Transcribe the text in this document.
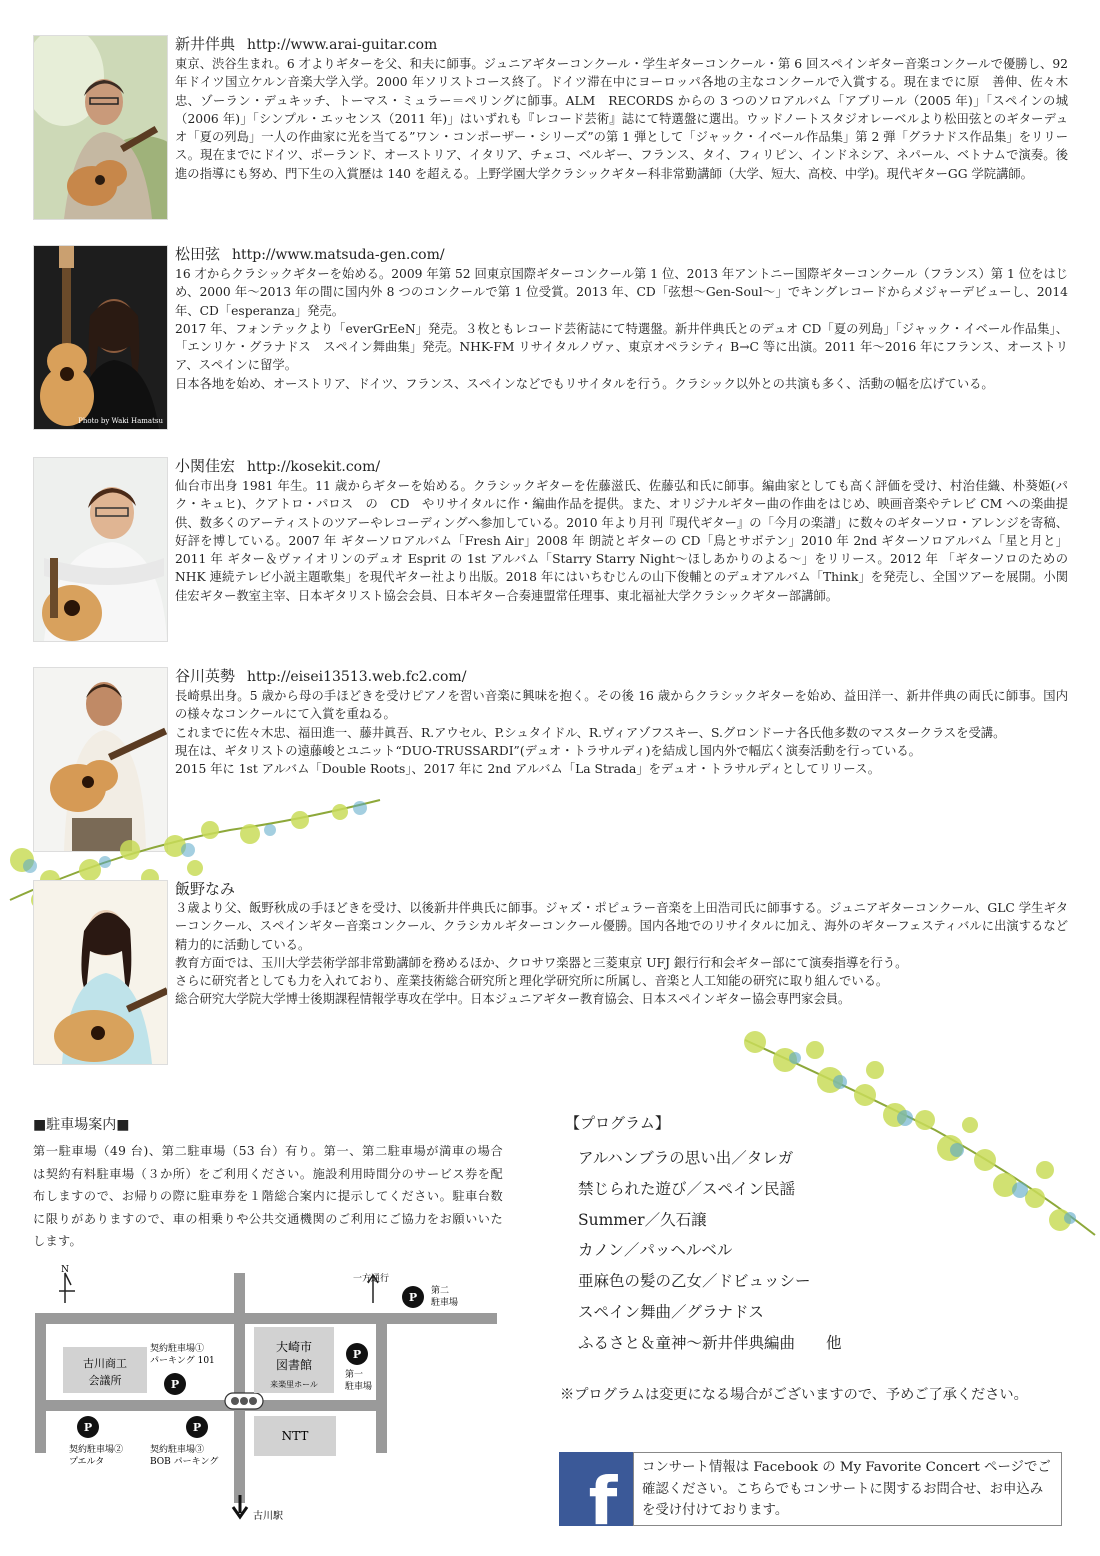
新井伴典 http://www.arai-guitar.com

東京、渋谷生まれ。6 才よりギターを父、和夫に師事。ジュニアギターコンクール・学生ギターコンクール・第 6 回スペインギター音楽コンクールで優勝し、92 年ドイツ国立ケルン音楽大学入学。2000 年ソリストコース終了。ドイツ滞在中にヨーロッパ各地の主なコンクールで入賞する。現在までに原　善伸、佐々木 忠、ゾーラン・デュキッチ、トーマス・ミュラー＝ペリングに師事。ALM　RECORDS からの 3 つのソロアルバム「アブリール（2005 年)」「スペインの城（2006 年)」「シンプル・エッセンス（2011 年)」はいずれも『レコード芸術』誌にて特選盤に選出。ウッドノートスタジオレーベルより松田弦とのギターデュオ「夏の列島」一人の作曲家に光を当てる”ワン・コンポーザー・シリーズ”の第 1 弾として「ジャック・イベール作品集」第 2 弾「グラナドス作品集」をリリース。現在までにドイツ、ポーランド、オーストリア、イタリア、チェコ、ベルギー、フランス、タイ、フィリピン、インドネシア、ネパール、ベトナムで演奏。後進の指導にも努め、門下生の入賞歴は 140 を超える。上野学園大学クラシックギター科非常勤講師（大学、短大、高校、中学)。現代ギターGG 学院講師。

Photo by Waki Hamatsu
松田弦 http://www.matsuda-gen.com/

16 才からクラシックギターを始める。2009 年第 52 回東京国際ギターコンクール第 1 位、2013 年アントニー国際ギターコンクール（フランス）第 1 位をはじめ、2000 年〜2013 年の間に国内外 8 つのコンクールで第 1 位受賞。2013 年、CD「弦想〜Gen-Soul〜」でキングレコードからメジャーデビューし、2014 年、CD「esperanza」発売。

2017 年、フォンテックより「everGrEeN」発売。３枚ともレコード芸術誌にて特選盤。新井伴典氏とのデュオ CD「夏の列島」「ジャック・イベール作品集」、「エンリケ・グラナドス　スペイン舞曲集」発売。NHK-FM リサイタルノヴァ、東京オペラシティ B→C 等に出演。2011 年〜2016 年にフランス、オーストリア、スペインに留学。

日本各地を始め、オーストリア、ドイツ、フランス、スペインなどでもリサイタルを行う。クラシック以外との共演も多く、活動の幅を広げている。

小関佳宏 http://kosekit.com/

仙台市出身 1981 年生。11 歳からギターを始める。クラシックギターを佐藤滋氏、佐藤弘和氏に師事。編曲家としても高く評価を受け、村治佳織、朴葵姫(パク・キュヒ)、クアトロ・パロス　の　CD　やリサイタルに作・編曲作品を提供。また、オリジナルギター曲の作曲をはじめ、映画音楽やテレビ CM への楽曲提供、数多くのアーティストのツアーやレコーディングへ参加している。2010 年より月刊『現代ギター』の「今月の楽譜」に数々のギターソロ・アレンジを寄稿、好評を博している。2007 年 ギターソロアルバム「Fresh Air」2008 年 朗読とギターの CD「鳥とサボテン」2010 年 2nd ギターソロアルバム「星と月と」2011 年 ギター＆ヴァイオリンのデュオ Esprit の 1st アルバム「Starry Starry Night〜ほしあかりのよる〜」をリリース。2012 年 「ギターソロのための NHK 連続テレビ小説主題歌集」を現代ギター社より出版。2018 年にはいちむじんの山下俊輔とのデュオアルバム「Think」を発売し、全国ツアーを展開。小関佳宏ギター教室主宰、日本ギタリスト協会会員、日本ギター合奏連盟常任理事、東北福祉大学クラシックギター部講師。

谷川英勢 http://eisei13513.web.fc2.com/

長崎県出身。5 歳から母の手ほどきを受けピアノを習い音楽に興味を抱く。その後 16 歳からクラシックギターを始め、益田洋一、新井伴典の両氏に師事。国内の様々なコンクールにて入賞を重ねる。

これまでに佐々木忠、福田進一、藤井眞吾、R.アウセル、P.シュタイドル、R.ヴィアゾフスキー、S.グロンドーナ各氏他多数のマスタークラスを受講。

現在は、ギタリストの遠藤峻とユニット“DUO-TRUSSARDI”(デュオ・トラサルディ)を結成し国内外で幅広く演奏活動を行っている。

2015 年に 1st アルバム「Double Roots」、2017 年に 2nd アルバム「La Strada」をデュオ・トラサルディとしてリリース。

飯野なみ

３歳より父、飯野秋成の手ほどきを受け、以後新井伴典氏に師事。ジャズ・ポピュラー音楽を上田浩司氏に師事する。ジュニアギターコンクール、GLC 学生ギターコンクール、スペインギター音楽コンクール、クラシカルギターコンクール優勝。国内各地でのリサイタルに加え、海外のギターフェスティバルに出演するなど精力的に活動している。

教育方面では、玉川大学芸術学部非常勤講師を務めるほか、クロサワ楽器と三菱東京 UFJ 銀行行和会ギター部にて演奏指導を行う。

さらに研究者としても力を入れており、産業技術総合研究所と理化学研究所に所属し、音楽と人工知能の研究に取り組んでいる。

総合研究大学院大学博士後期課程情報学専攻在学中。日本ジュニアギター教育協会、日本スペインギター協会専門家会員。

■駐車場案内■
第一駐車場（49 台)、第二駐車場（53 台）有り。第一、第二駐車場が満車の場合は契約有料駐車場（３か所）をご利用ください。施設利用時間分のサービス券を配布しますので、お帰りの際に駐車券を１階総合案内に提示してください。駐車台数に限りがありますので、車の相乗りや公共交通機関のご利用にご協力をお願いいたします。
N
一方通行
P 第二
駐車場
古川商工
会議所
契約駐車場①
パーキング 101
P
大崎市
図書館
来楽里ホール
P
第一
駐車場
NTT
P
契約駐車場②
プエルタ
P
契約駐車場③
BOB パーキング
古川駅
【プログラム】
アルハンブラの思い出／タレガ
禁じられた遊び／スペイン民謡
Summer／久石譲
カノン／パッヘルベル
亜麻色の髪の乙女／ドビュッシー
スペイン舞曲／グラナドス
ふるさと＆童神〜新井伴典編曲　　他
※プログラムは変更になる場合がございますので、予めご了承ください。
f コンサート情報は Facebook の My Favorite Concert ページでご確認ください。こちらでもコンサートに関するお問合せ、お申込みを受け付けております。
